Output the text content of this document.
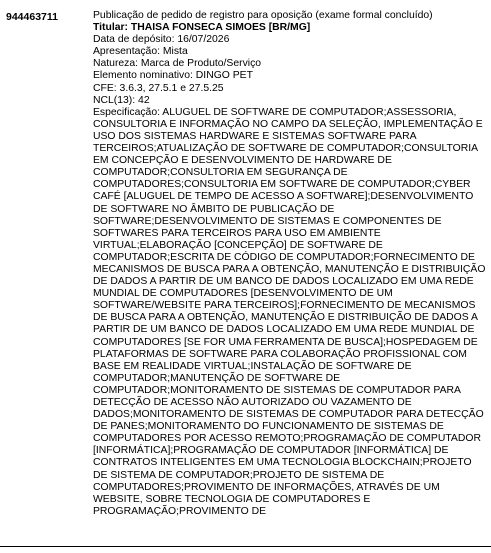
944463711	Publicação de pedido de registro para oposição (exame formal concluído)
Titular: THAISA FONSECA SIMOES [BR/MG]
Data de depósito: 16/07/2026
Apresentação: Mista
Natureza: Marca de Produto/Serviço
Elemento nominativo: DINGO PET
CFE: 3.6.3, 27.5.1 e 27.5.25
NCL(13): 42
Especificação: ALUGUEL DE SOFTWARE DE COMPUTADOR;ASSESSORIA, CONSULTORIA E INFORMAÇÃO NO CAMPO DA SELEÇÃO, IMPLEMENTAÇÃO E USO DOS SISTEMAS HARDWARE E SISTEMAS SOFTWARE PARA TERCEIROS;ATUALIZAÇÃO DE SOFTWARE DE COMPUTADOR;CONSULTORIA EM CONCEPÇÃO E DESENVOLVIMENTO DE HARDWARE DE COMPUTADOR;CONSULTORIA EM SEGURANÇA DE COMPUTADORES;CONSULTORIA EM SOFTWARE DE COMPUTADOR;CYBER CAFÉ [ALUGUEL DE TEMPO DE ACESSO A SOFTWARE];DESENVOLVIMENTO DE SOFTWARE NO ÂMBITO DE PUBLICAÇÃO DE SOFTWARE;DESENVOLVIMENTO DE SISTEMAS E COMPONENTES DE SOFTWARES PARA TERCEIROS PARA USO EM AMBIENTE VIRTUAL;ELABORAÇÃO [CONCEPÇÃO] DE SOFTWARE DE COMPUTADOR;ESCRITA DE CÓDIGO DE COMPUTADOR;FORNECIMENTO DE MECANISMOS DE BUSCA PARA A OBTENÇÃO, MANUTENÇÃO E DISTRIBUIÇÃO DE DADOS A PARTIR DE UM BANCO DE DADOS LOCALIZADO EM UMA REDE MUNDIAL DE COMPUTADORES [DESENVOLVIMENTO DE UM SOFTWARE/WEBSITE PARA TERCEIROS];FORNECIMENTO DE MECANISMOS DE BUSCA PARA A OBTENÇÃO, MANUTENÇÃO E DISTRIBUIÇÃO DE DADOS A PARTIR DE UM BANCO DE DADOS LOCALIZADO EM UMA REDE MUNDIAL DE COMPUTADORES [SE FOR UMA FERRAMENTA DE BUSCA];HOSPEDAGEM DE PLATAFORMAS DE SOFTWARE PARA COLABORAÇÃO PROFISSIONAL COM BASE EM REALIDADE VIRTUAL;INSTALAÇÃO DE SOFTWARE DE COMPUTADOR;MANUTENÇÃO DE SOFTWARE DE COMPUTADOR;MONITORAMENTO DE SISTEMAS DE COMPUTADOR PARA DETECÇÃO DE ACESSO NÃO AUTORIZADO OU VAZAMENTO DE DADOS;MONITORAMENTO DE SISTEMAS DE COMPUTADOR PARA DETECÇÃO DE PANES;MONITORAMENTO DO FUNCIONAMENTO DE SISTEMAS DE COMPUTADORES POR ACESSO REMOTO;PROGRAMAÇÃO DE COMPUTADOR [INFORMÁTICA];PROGRAMAÇÃO DE COMPUTADOR [INFORMÁTICA] DE CONTRATOS INTELIGENTES EM UMA TECNOLOGIA BLOCKCHAIN;PROJETO DE SISTEMA DE COMPUTADOR;PROJETO DE SISTEMA DE COMPUTADORES;PROVIMENTO DE INFORMAÇÕES, ATRAVÉS DE UM WEBSITE, SOBRE TECNOLOGIA DE COMPUTADORES E PROGRAMAÇÃO;PROVIMENTO DE
